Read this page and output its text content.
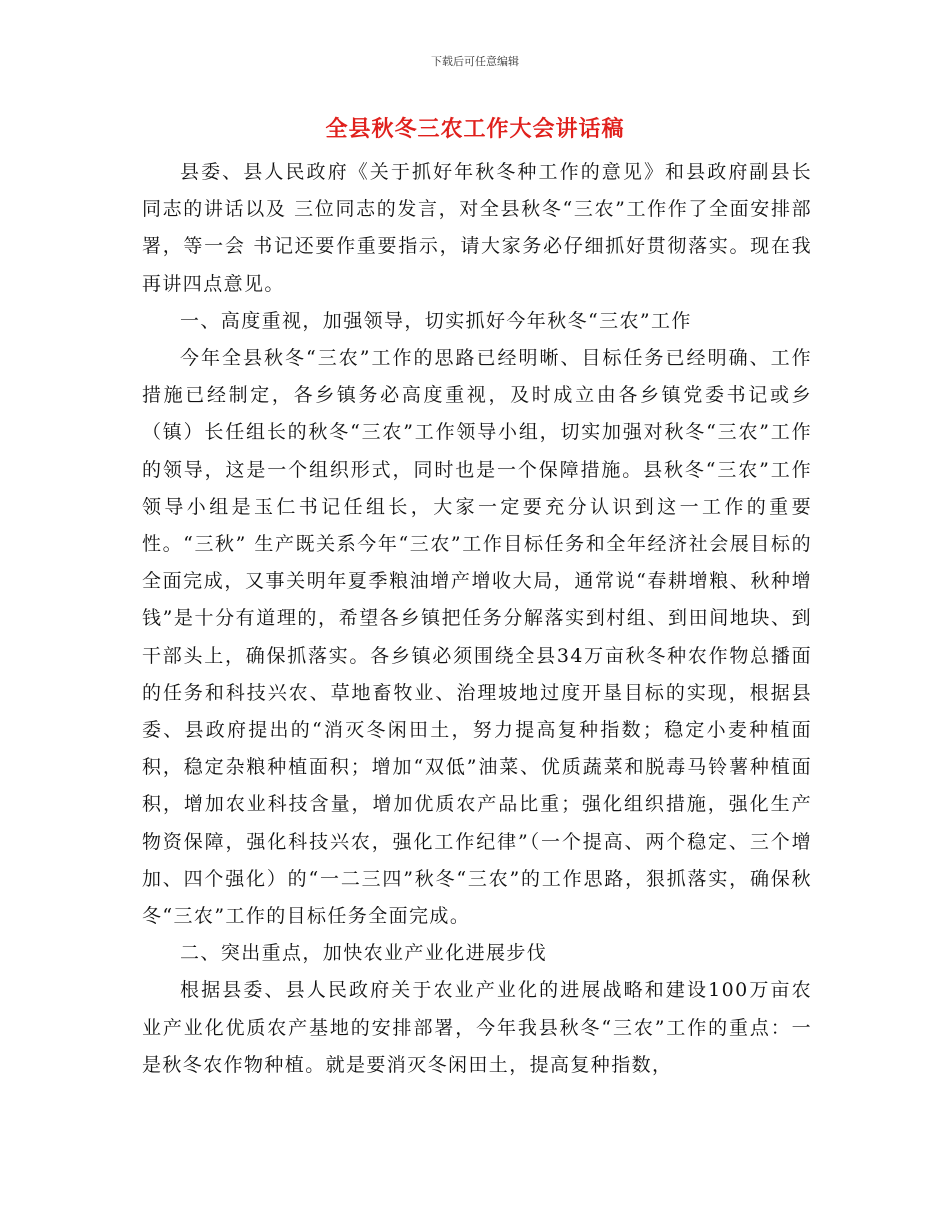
下载后可任意编辑
全县秋冬三农工作大会讲话稿

县委、县人民政府《关于抓好年秋冬种工作的意见》和县政府副县长 同志的讲话以及 三位同志的发言，对全县秋冬“三农”工作作了全面安排部署，等一会 书记还要作重要指示，请大家务必仔细抓好贯彻落实。现在我再讲四点意见。

一、高度重视，加强领导，切实抓好今年秋冬“三农”工作

今年全县秋冬“三农”工作的思路已经明晰、目标任务已经明确、工作措施已经制定，各乡镇务必高度重视，及时成立由各乡镇党委书记或乡（镇）长任组长的秋冬“三农”工作领导小组，切实加强对秋冬“三农”工作的领导，这是一个组织形式，同时也是一个保障措施。县秋冬“三农”工作领导小组是玉仁书记任组长，大家一定要充分认识到这一工作的重要性。“三秋” 生产既关系今年“三农”工作目标任务和全年经济社会展目标的全面完成，又事关明年夏季粮油增产增收大局，通常说“春耕增粮、秋种增钱”是十分有道理的，希望各乡镇把任务分解落实到村组、到田间地块、到干部头上，确保抓落实。各乡镇必须围绕全县34万亩秋冬种农作物总播面的任务和科技兴农、草地畜牧业、治理坡地过度开垦目标的实现，根据县委、县政府提出的“消灭冬闲田土，努力提高复种指数；稳定小麦种植面积，稳定杂粮种植面积；增加“双低”油菜、优质蔬菜和脱毒马铃薯种植面积，增加农业科技含量，增加优质农产品比重；强化组织措施，强化生产物资保障，强化科技兴农，强化工作纪律”（一个提高、两个稳定、三个增加、四个强化）的“一二三四”秋冬“三农”的工作思路，狠抓落实，确保秋冬“三农”工作的目标任务全面完成。

二、突出重点，加快农业产业化进展步伐

根据县委、县人民政府关于农业产业化的进展战略和建设100万亩农业产业化优质农产基地的安排部署，今年我县秋冬“三农”工作的重点：一是秋冬农作物种植。就是要消灭冬闲田土，提高复种指数，
